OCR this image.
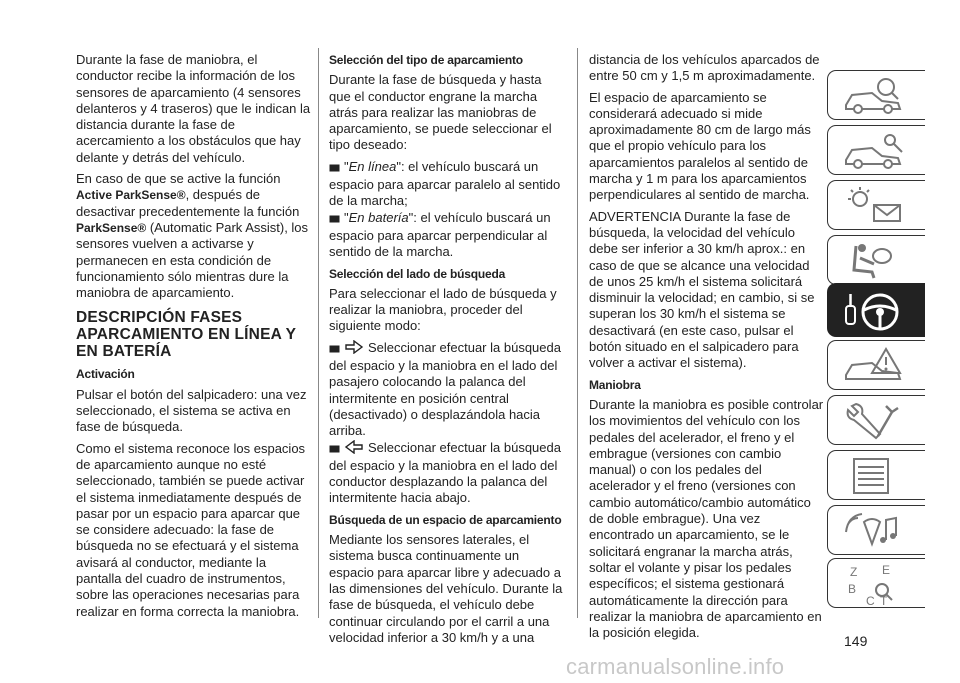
Durante la fase de maniobra, el conductor recibe la información de los sensores de aparcamiento (4 sensores delanteros y 4 traseros) que le indican la distancia durante la fase de acercamiento a los obstáculos que hay delante y detrás del vehículo.

En caso de que se active la función
Active ParkSense®, después de desactivar precedentemente la función
ParkSense® (Automatic Park Assist), los sensores vuelven a activarse y permanecen en esta condición de funcionamiento sólo mientras dure la maniobra de aparcamiento.

DESCRIPCIÓN FASES APARCAMIENTO EN LÍNEA Y EN BATERÍA
Activación

Pulsar el botón del salpicadero: una vez seleccionado, el sistema se activa en fase de búsqueda.

Como el sistema reconoce los espacios de aparcamiento aunque no esté seleccionado, también se puede activar el sistema inmediatamente después de pasar por un espacio para aparcar que se considere adecuado: la fase de búsqueda no se efectuará y el sistema avisará al conductor, mediante la pantalla del cuadro de instrumentos, sobre las operaciones necesarias para realizar en forma correcta la maniobra.

Selección del tipo de aparcamiento

Durante la fase de búsqueda y hasta que el conductor engrane la marcha atrás para realizar las maniobras de aparcamiento, se puede seleccionar el tipo deseado:

"En línea": el vehículo buscará un espacio para aparcar paralelo al sentido de la marcha;

"En batería": el vehículo buscará un espacio para aparcar perpendicular al sentido de la marcha.

Selección del lado de búsqueda

Para seleccionar el lado de búsqueda y realizar la maniobra, proceder del siguiente modo:

Seleccionar efectuar la búsqueda del espacio y la maniobra en el lado del pasajero colocando la palanca del intermitente en posición central (desactivado) o desplazándola hacia arriba.

Seleccionar efectuar la búsqueda del espacio y la maniobra en el lado del conductor desplazando la palanca del intermitente hacia abajo.

Búsqueda de un espacio de aparcamiento

Mediante los sensores laterales, el sistema busca continuamente un espacio para aparcar libre y adecuado a las dimensiones del vehículo. Durante la fase de búsqueda, el vehículo debe continuar circulando por el carril a una velocidad inferior a 30 km/h y a una

distancia de los vehículos aparcados de entre 50 cm y 1,5 m aproximadamente.

El espacio de aparcamiento se considerará adecuado si mide aproximadamente 80 cm de largo más que el propio vehículo para los aparcamientos paralelos al sentido de marcha y 1 m para los aparcamientos perpendiculares al sentido de marcha.

ADVERTENCIA Durante la fase de búsqueda, la velocidad del vehículo debe ser inferior a 30 km/h aprox.: en caso de que se alcance una velocidad de unos 25 km/h el sistema solicitará disminuir la velocidad; en cambio, si se superan los 30 km/h el sistema se desactivará (en este caso, pulsar el botón situado en el salpicadero para volver a activar el sistema).

Maniobra

Durante la maniobra es posible controlar los movimientos del vehículo con los pedales del acelerador, el freno y el embrague (versiones con cambio manual) o con los pedales del acelerador y el freno (versiones con cambio automático/cambio automático de doble embrague). Una vez encontrado un aparcamiento, se le solicitará engranar la marcha atrás, soltar el volante y pisar los pedales específicos; el sistema gestionará automáticamente la dirección para realizar la maniobra de aparcamiento en la posición elegida.

Z E
B
C T
149
carmanualsonline.info
